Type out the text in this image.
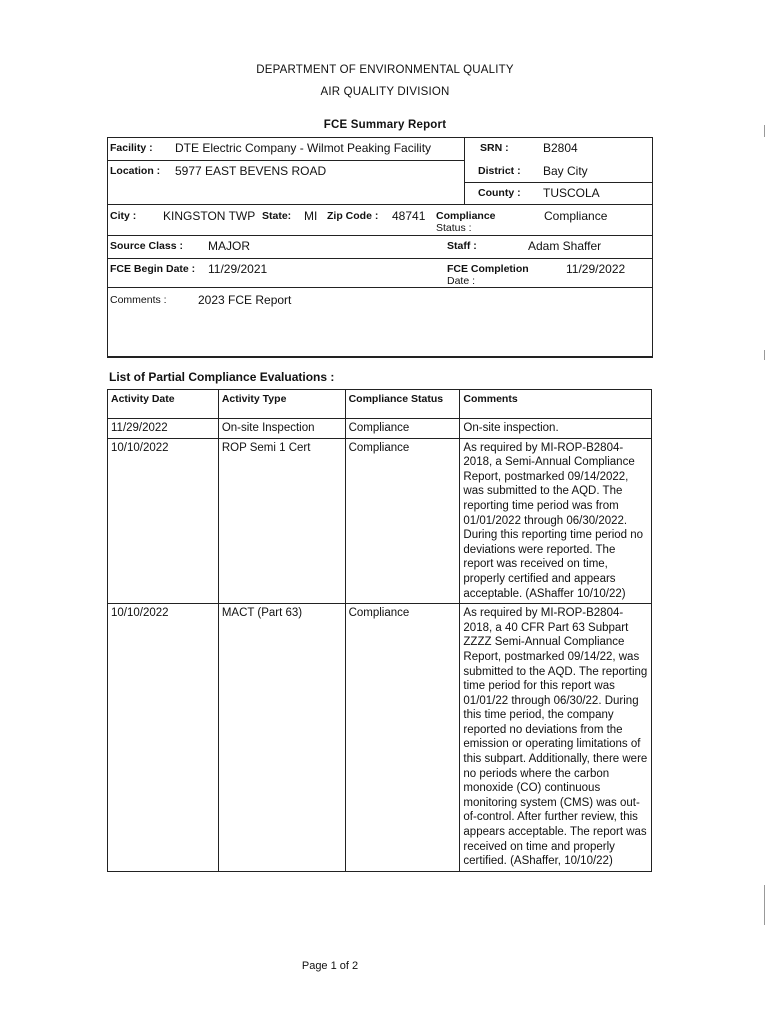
DEPARTMENT OF ENVIRONMENTAL QUALITY
AIR QUALITY DIVISION
FCE Summary Report
Facility : DTE Electric Company - Wilmot Peaking Facility	SRN :	B2804
Location : 5977 EAST BEVENS ROAD	District : Bay City
County : TUSCOLA
City : KINGSTON TWP State: MI Zip Code : 48741 Compliance
Status :
Compliance
Source Class : MAJOR	Staff :	Adam Shaffer
FCE Begin Date : 11/29/2021	FCE Completion
Date :
11/29/2022
Comments :	2023 FCE Report
List of Partial Compliance Evaluations :
Activity Date	Activity Type	Compliance Status	Comments
11/29/2022	On-site Inspection	Compliance	On-site inspection.
10/10/2022	ROP Semi 1 Cert	Compliance	As required by MI-ROP-B2804-2018, a Semi-Annual Compliance Report, postmarked 09/14/2022, was submitted to the AQD. The reporting time period was from 01/01/2022 through 06/30/2022. During this reporting time period no deviations were reported. The report was received on time, properly certified and appears acceptable. (AShaffer 10/10/22)
10/10/2022	MACT (Part 63)	Compliance	As required by MI-ROP-B2804-2018, a 40 CFR Part 63 Subpart ZZZZ Semi-Annual Compliance Report, postmarked 09/14/22, was submitted to the AQD. The reporting time period for this report was 01/01/22 through 06/30/22. During this time period, the company reported no deviations from the emission or operating limitations of this subpart. Additionally, there were no periods where the carbon monoxide (CO) continuous monitoring system (CMS) was out-of-control. After further review, this appears acceptable. The report was received on time and properly certified. (AShaffer, 10/10/22)
Page 1 of 2
